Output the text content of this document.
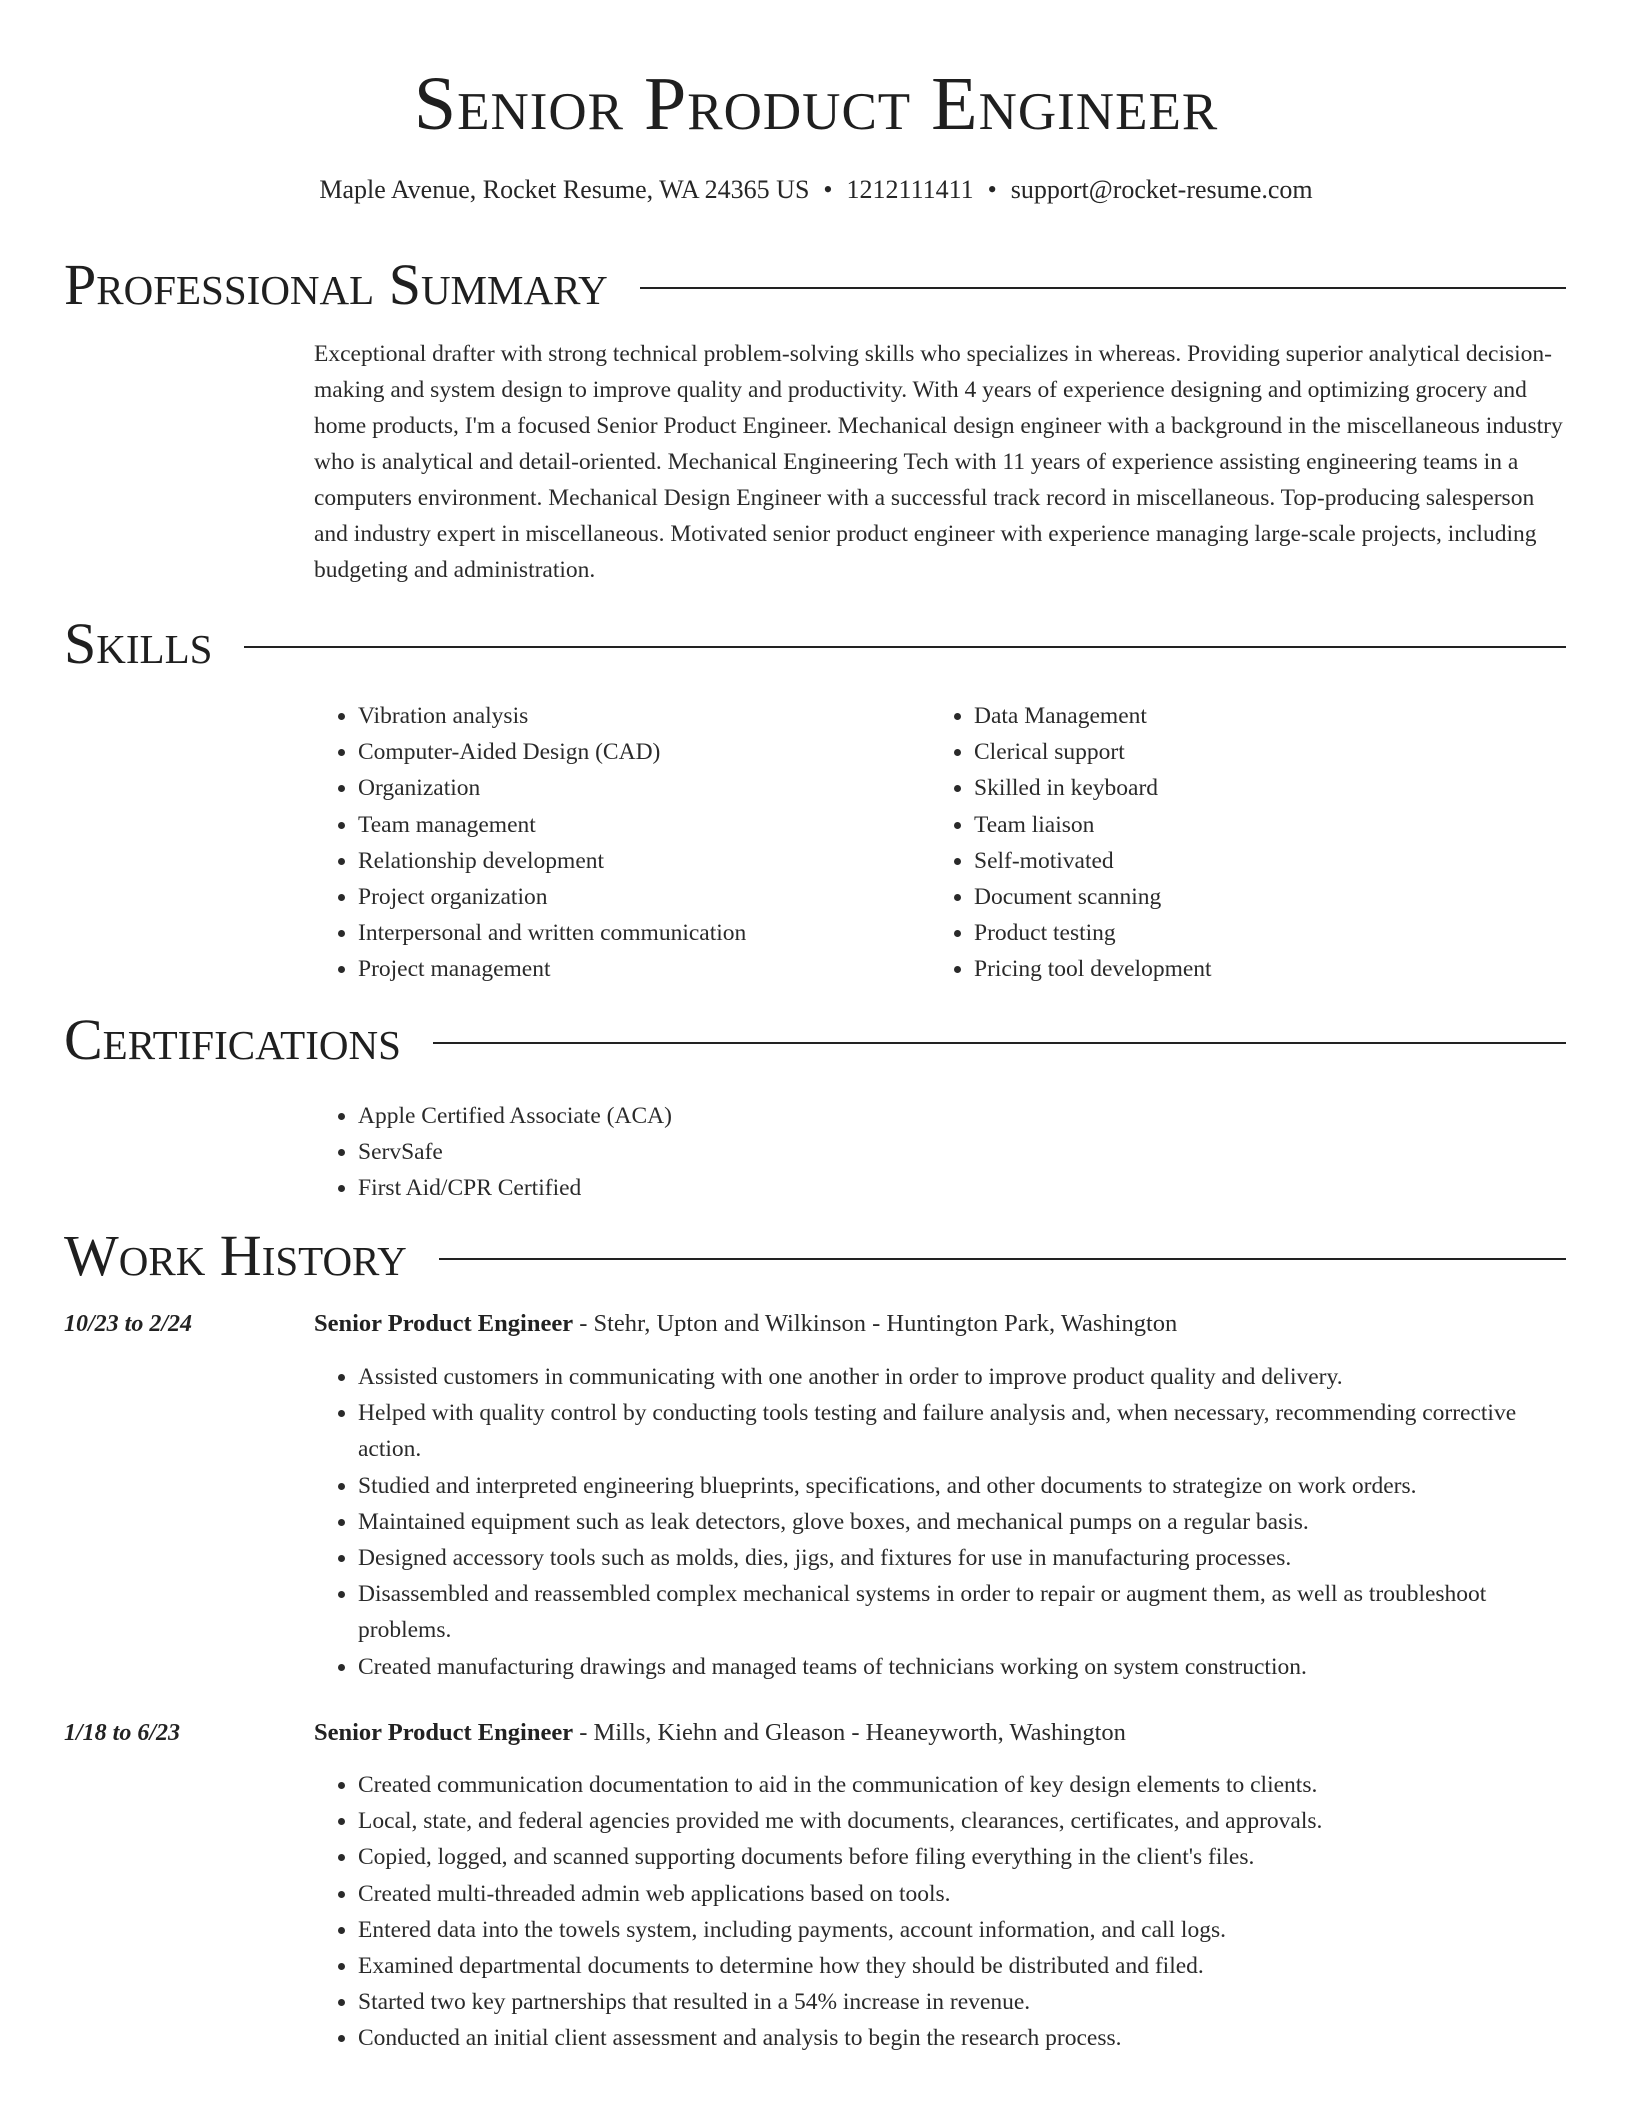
Senior Product Engineer
Maple Avenue, Rocket Resume, WA 24365 US • 1212111411 • support@rocket-resume.com
Professional Summary

Exceptional drafter with strong technical problem-solving skills who specializes in whereas. Providing superior analytical decision-making and system design to improve quality and productivity. With 4 years of experience designing and optimizing grocery and home products, I'm a focused Senior Product Engineer. Mechanical design engineer with a background in the miscellaneous industry who is analytical and detail-oriented. Mechanical Engineering Tech with 11 years of experience assisting engineering teams in a computers environment. Mechanical Design Engineer with a successful track record in miscellaneous. Top-producing salesperson and industry expert in miscellaneous. Motivated senior product engineer with experience managing large-scale projects, including budgeting and administration.

Skills
• Vibration analysis
• Computer-Aided Design (CAD)
• Organization
• Team management
• Relationship development
• Project organization
• Interpersonal and written communication
• Project management
• Data Management
• Clerical support
• Skilled in keyboard
• Team liaison
• Self-motivated
• Document scanning
• Product testing
• Pricing tool development
Certifications
• Apple Certified Associate (ACA)
• ServSafe
• First Aid/CPR Certified
Work History
10/23 to 2/24	Senior Product Engineer - Stehr, Upton and Wilkinson - Huntington Park, Washington
• Assisted customers in communicating with one another in order to improve product quality and delivery.
• Helped with quality control by conducting tools testing and failure analysis and, when necessary, recommending corrective action.
• Studied and interpreted engineering blueprints, specifications, and other documents to strategize on work orders.
• Maintained equipment such as leak detectors, glove boxes, and mechanical pumps on a regular basis.
• Designed accessory tools such as molds, dies, jigs, and fixtures for use in manufacturing processes.
• Disassembled and reassembled complex mechanical systems in order to repair or augment them, as well as troubleshoot problems.
• Created manufacturing drawings and managed teams of technicians working on system construction.
1/18 to 6/23	Senior Product Engineer - Mills, Kiehn and Gleason - Heaneyworth, Washington
• Created communication documentation to aid in the communication of key design elements to clients.
• Local, state, and federal agencies provided me with documents, clearances, certificates, and approvals.
• Copied, logged, and scanned supporting documents before filing everything in the client's files.
• Created multi-threaded admin web applications based on tools.
• Entered data into the towels system, including payments, account information, and call logs.
• Examined departmental documents to determine how they should be distributed and filed.
• Started two key partnerships that resulted in a 54% increase in revenue.
• Conducted an initial client assessment and analysis to begin the research process.
